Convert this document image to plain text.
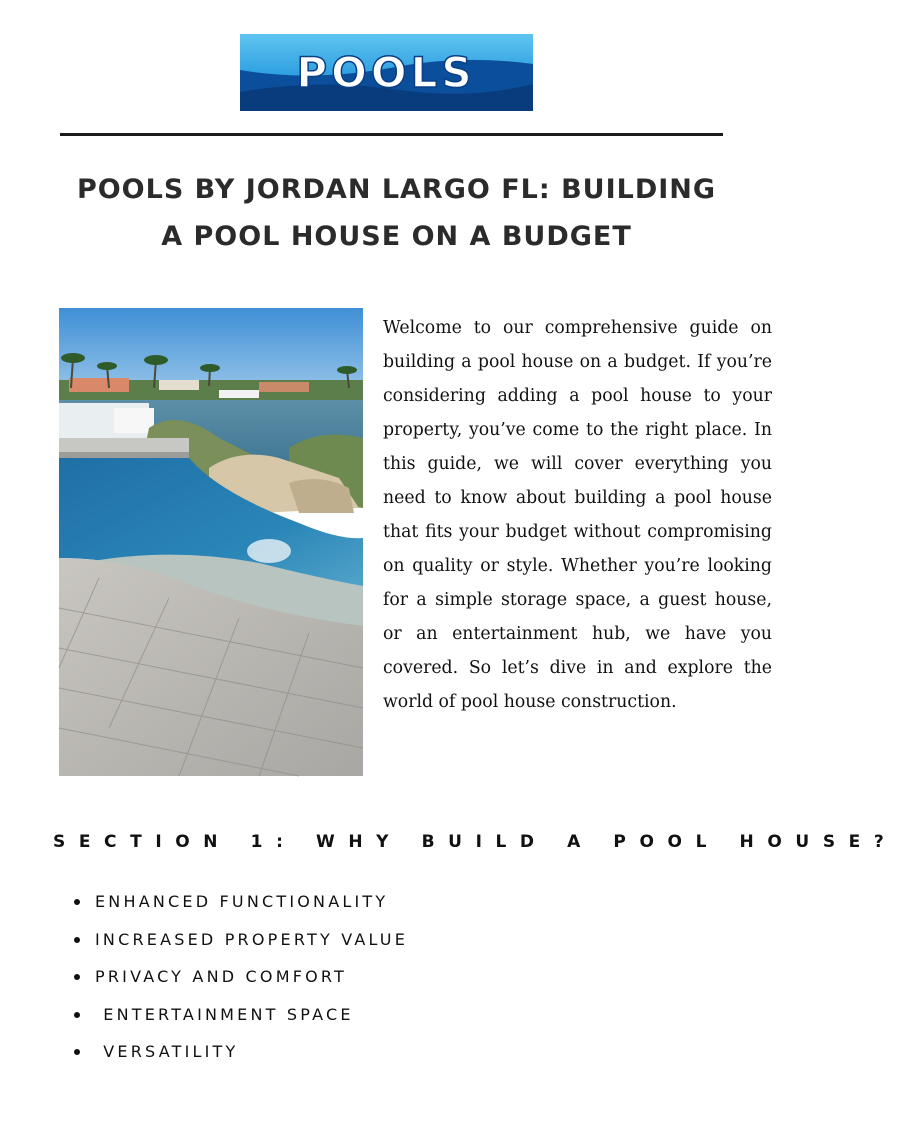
POOLS
POOLS BY JORDAN LARGO FL: BUILDING
A POOL HOUSE ON A BUDGET

Welcome to our comprehensive guide on building a pool house on a budget. If you’re considering adding a pool house to your property, you’ve come to the right place. In this guide, we will cover everything you need to know about building a pool house that fits your budget without compromising on quality or style. Whether you’re looking for a simple storage space, a guest house, or an entertainment hub, we have you covered. So let’s dive in and explore the world of pool house construction.

SECTION 1: WHY BUILD A POOL HOUSE?
ENHANCED FUNCTIONALITY
INCREASED PROPERTY VALUE
PRIVACY AND COMFORT
ENTERTAINMENT SPACE
VERSATILITY
